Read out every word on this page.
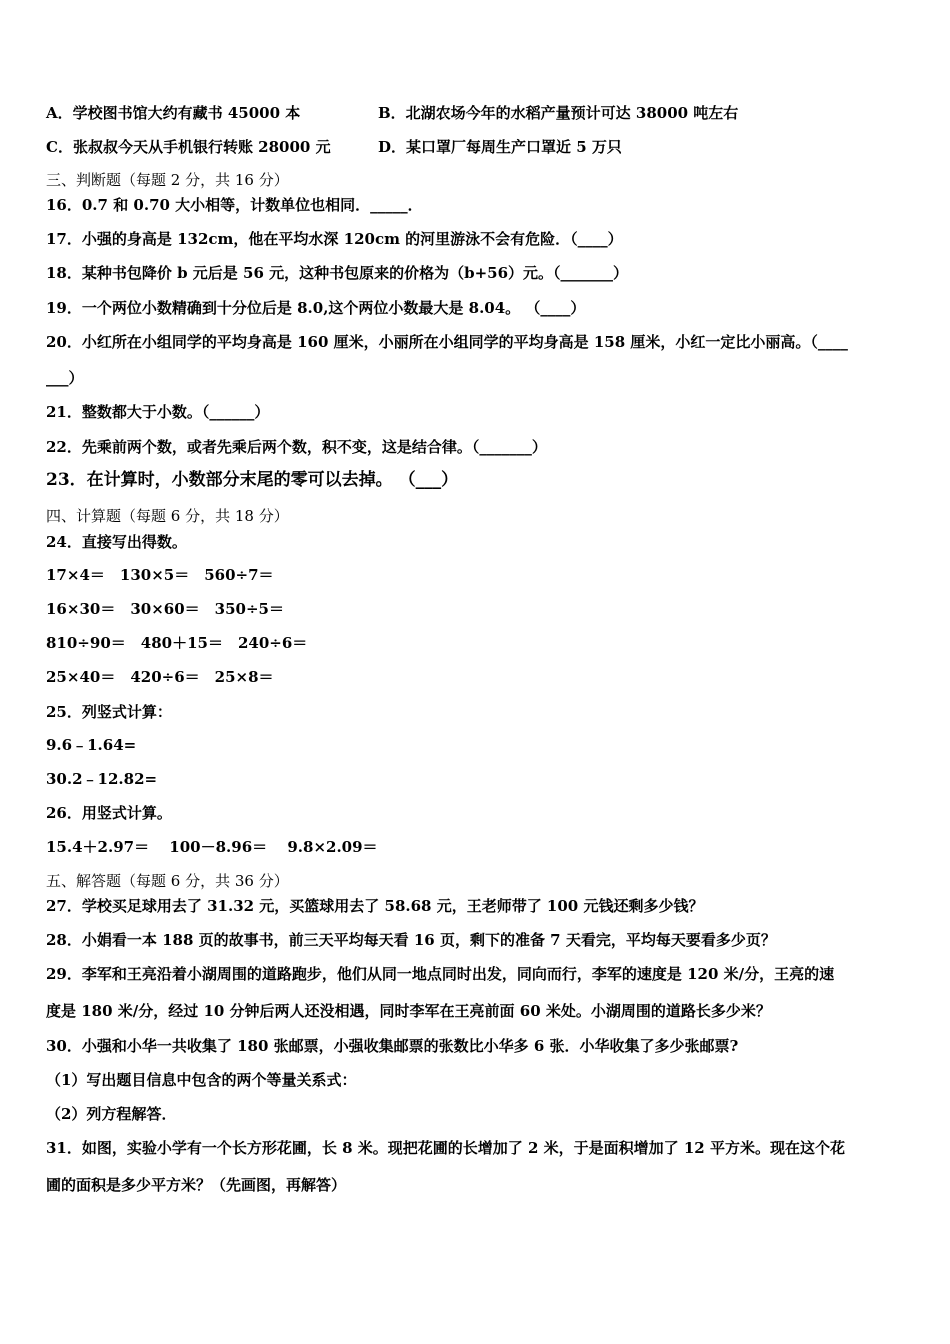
A．学校图书馆大约有藏书 45000 本	B．北湖农场今年的水稻产量预计可达 38000 吨左右
C．张叔叔今天从手机银行转账 28000 元	D．某口罩厂每周生产口罩近 5 万只
三、判断题（每题 2 分，共 16 分）
16．0.7 和 0.70 大小相等，计数单位也相同．_____．
17．小强的身高是 132cm，他在平均水深 120cm 的河里游泳不会有危险．（____）
18．某种书包降价 b 元后是 56 元，这种书包原来的价格为（b+56）元。（_______）
19．一个两位小数精确到十分位后是 8.0,这个两位小数最大是 8.04。 （____）
20．小红所在小组同学的平均身高是 160 厘米，小丽所在小组同学的平均身高是 158 厘米，小红一定比小丽高。（____
___）
21．整数都大于小数。（______）
22．先乘前两个数，或者先乘后两个数，积不变，这是结合律。（_______）
23．在计算时，小数部分末尾的零可以去掉。 （___）
四、计算题（每题 6 分，共 18 分）
24．直接写出得数。
17×4＝　130×5＝　560÷7＝
16×30＝　30×60＝　350÷5＝
810÷90＝　480＋15＝　240÷6＝
25×40＝　420÷6＝　25×8＝
25．列竖式计算：
9.6﹣1.64=
30.2﹣12.82=
26．用竖式计算。
15.4＋2.97＝　 100－8.96＝　 9.8×2.09＝
五、解答题（每题 6 分，共 36 分）
27．学校买足球用去了 31.32 元，买篮球用去了 58.68 元，王老师带了 100 元钱还剩多少钱？
28．小娟看一本 188 页的故事书，前三天平均每天看 16 页，剩下的准备 7 天看完，平均每天要看多少页？
29．李军和王亮沿着小湖周围的道路跑步，他们从同一地点同时出发，同向而行，李军的速度是 120 米/分，王亮的速
度是 180 米/分，经过 10 分钟后两人还没相遇，同时李军在王亮前面 60 米处。小湖周围的道路长多少米？
30．小强和小华一共收集了 180 张邮票，小强收集邮票的张数比小华多 6 张．小华收集了多少张邮票?
（1）写出题目信息中包含的两个等量关系式：
（2）列方程解答．
31．如图，实验小学有一个长方形花圃，长 8 米。现把花圃的长增加了 2 米，于是面积增加了 12 平方米。现在这个花
圃的面积是多少平方米？（先画图，再解答）
